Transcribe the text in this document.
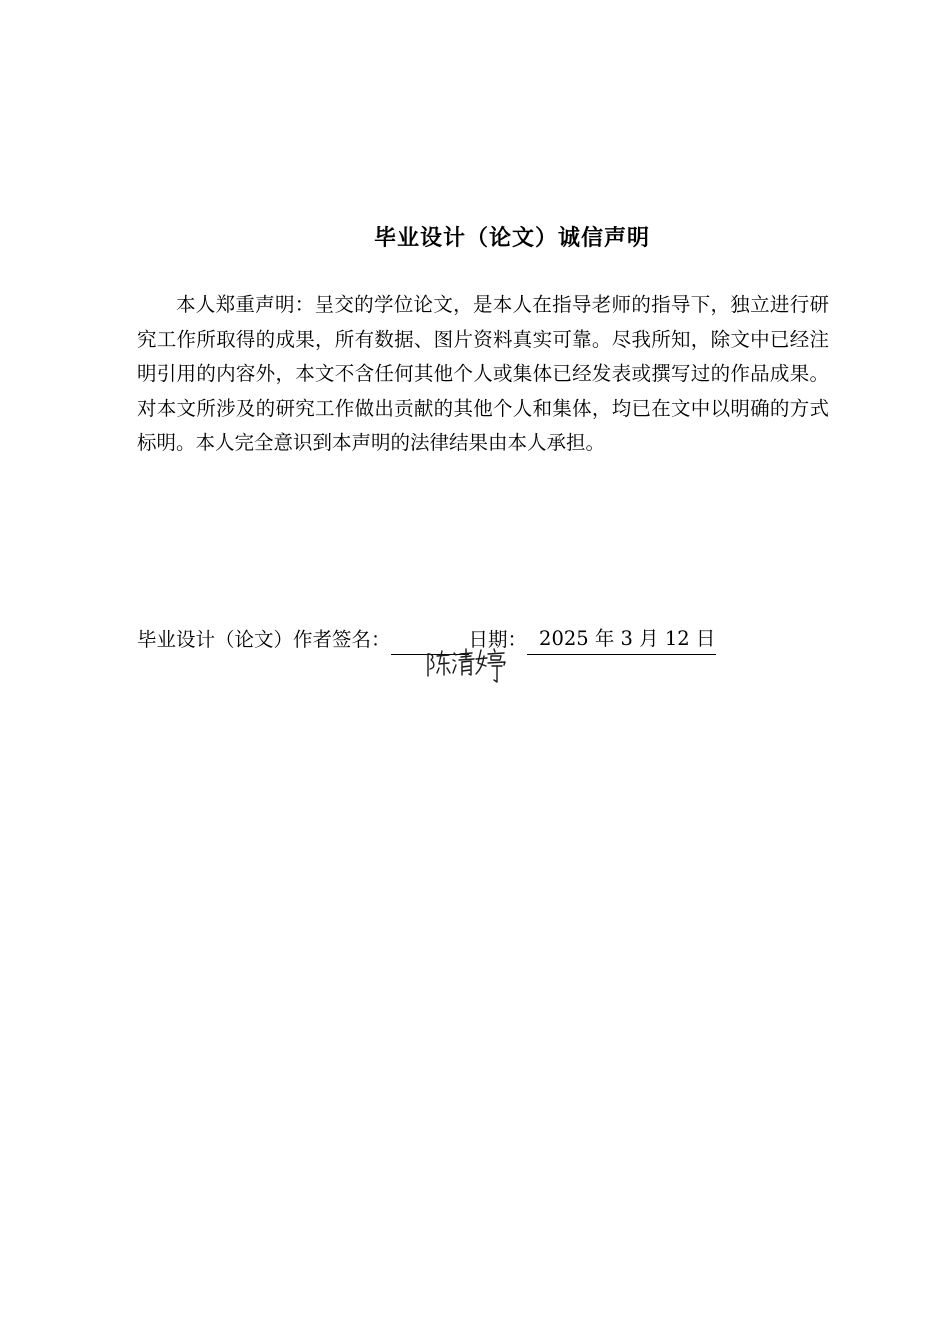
毕业设计（论文）诚信声明

本人郑重声明：呈交的学位论文，是本人在指导老师的指导下，独立进行研究工作所取得的成果，所有数据、图片资料真实可靠。尽我所知，除文中已经注明引用的内容外，本文不含任何其他个人或集体已经发表或撰写过的作品成果。对本文所涉及的研究工作做出贡献的其他个人和集体，均已在文中以明确的方式标明。本人完全意识到本声明的法律结果由本人承担。

毕业设计（论文）作者签名：	日期： 2025 年 3 月 12 日
